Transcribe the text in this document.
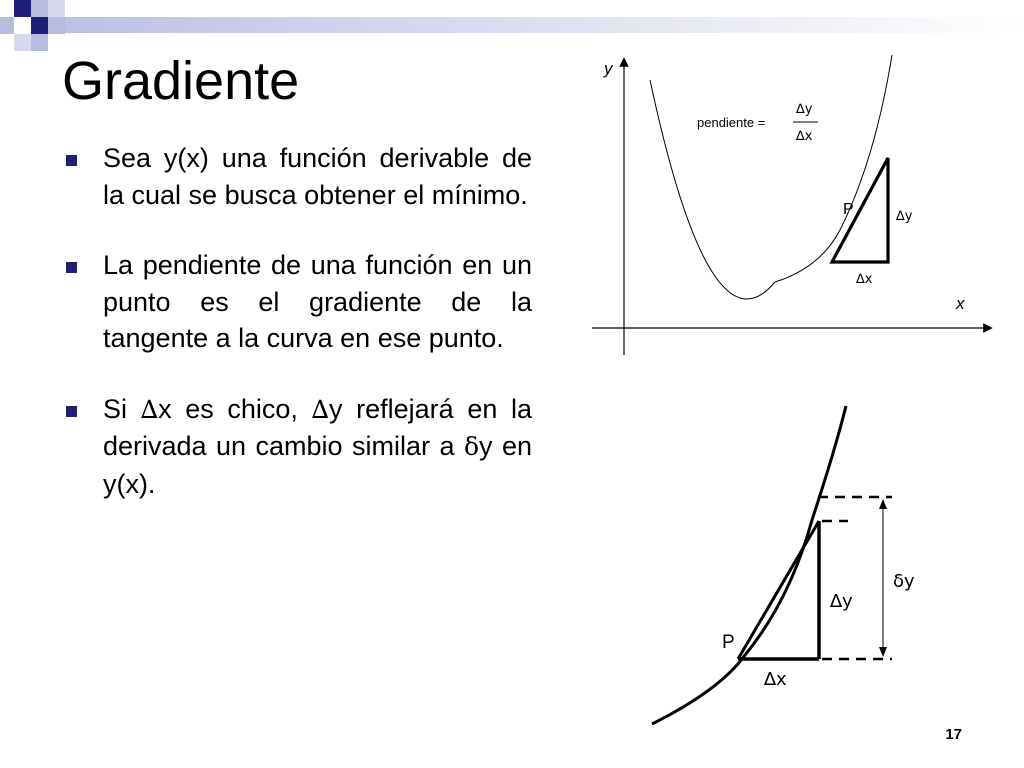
Gradiente
Sea y(x) una función derivable de la cual se busca obtener el mínimo.
La pendiente de una función en un punto es el gradiente de la tangente a la curva en ese punto.
Si ∆x es chico, ∆y reflejará en la derivada un cambio similar a δy en y(x).
y
x
P	∆y
∆x
pendiente =
∆y
∆x
P
∆y
∆x
δy
17
